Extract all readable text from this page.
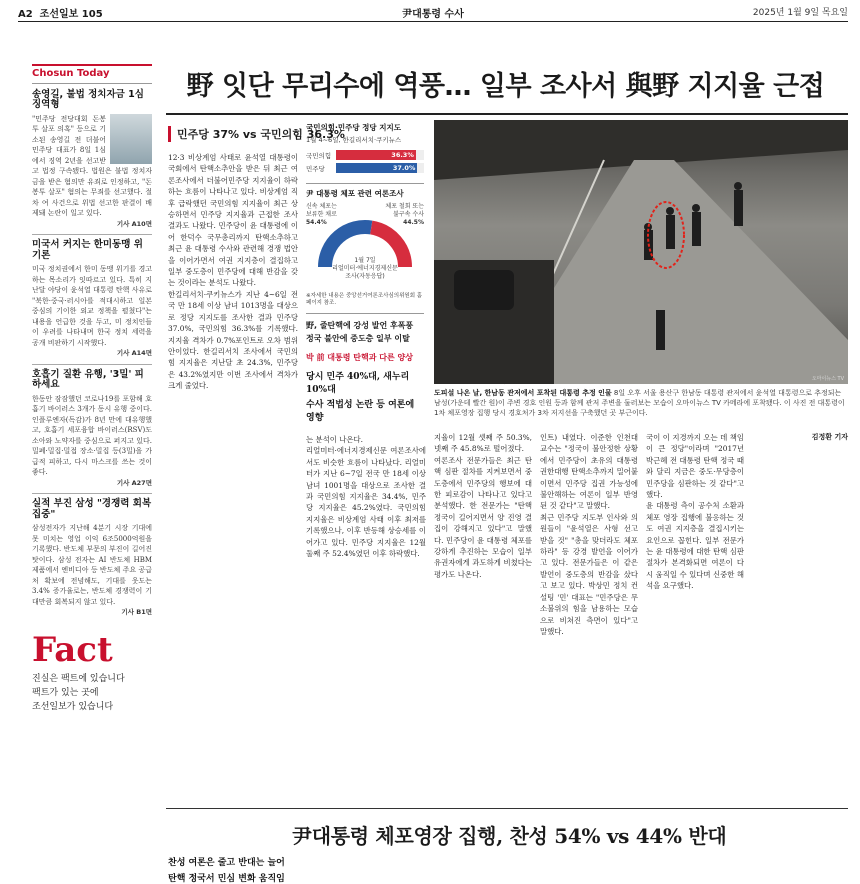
A2 조선일보 105	尹대통령 수사	2025년 1월 9일 목요일
Chosun Today
송영길, 불법 정치자금 1심 징역형

"민주당 전당대회 돈봉투 살포 의혹" 등으로 기소된 송영길 전 더불어민주당 대표가 8일 1심에서 징역 2년을 선고받고 법정 구속됐다. 법원은 불법 정치자금을 받은 혐의만 유죄로 인정하고, "돈봉투 살포" 혐의는 무죄를 선고했다. 절차 여 사건으로 위법 선고한 판결이 배제돼 논란이 일고 있다.

기사 A10면
미국서 커지는 한미동맹 위기론

미국 정치권에서 한미 동맹 위기를 경고하는 목소리가 잇따르고 있다. 특히 지난달 야당이 윤석열 대통령 탄핵 사유로 "북한·중국·러시아를 적대시하고 일본 중심의 기이한 외교 정책을 펼쳤다"는 내용을 언급한 것을 두고, 미 정치인들이 우려를 나타내며 한국 정치 세력을 공개 비판하기 시작했다.

기사 A14면
호흡기 질환 유행, '3밀' 피하세요

한동안 잠잠했던 코로나19를 포함해 호흡기 바이러스 3개가 동시 유행 중이다. 인플루엔자(독감)가 8년 만에 대유행했고, 호흡기 세포융합 바이러스(RSV)도 소아와 노약자를 중심으로 퍼지고 있다. 밀폐·밀집·밀접 장소·밀집 등(3밀)을 가급적 피하고, 다시 마스크를 쓰는 것이 좋다.

기사 A27면
실적 부진 삼성 "경쟁력 회복 집중"

삼성전자가 지난해 4분기 시장 기대에 못 미치는 영업 이익 6조5000억원을 기록했다. 반도체 부문의 부진이 길어진 탓이다. 삼성 전자는 AI 반도체 HBM 제품에서 엔비디아 등 반도체 주요 공급처 확보에 전념해도, 기대를 웃도는 3.4% 증가율로는, 반도체 경쟁력이 기대만큼 회복되지 않고 있다.

기사 B1면
Fact
진실은 팩트에 있습니다
팩트가 있는 곳에
조선일보가 있습니다
野 잇단 무리수에 역풍… 일부 조사서 與野 지지율 근접
민주당 37% vs 국민의힘 36.3%
12·3 비상계엄 사태로 윤석열 대통령이 국회에서 탄핵소추안을 받은 뒤 최근 여론조사에서 더불어민주당 지지율이 하락하는 흐름이 나타나고 있다. 비상계엄 직후 급락했던 국민의힘 지지율이 최근 상승하면서 민주당 지지율과 근접한 조사 결과도 나왔다. 민주당이 윤 대통령에 이어 한덕수 국무총리까지 탄핵소추하고 최근 윤 대통령 수사와 관련해 경쟁 법안을 이어가면서 여권 지지층이 결집하고 일부 중도층이 민주당에 대해 반감을 갖는 것이라는 분석도 나왔다.
한길리서치·쿠키뉴스가 지난 4~6일 전국 만 18세 이상 남녀 1013명을 대상으로 정당 지지도를 조사한 결과 민주당 37.0%, 국민의힘 36.3%를 기록했다. 지지율 격차가 0.7%포인트로 오차 범위 안이었다. 한길리서치 조사에서 국민의힘 지지율은 지난달 초 24.3%, 민주당은 43.2%였지만 이번 조사에서 격차가 크게 줄었다.
국민의힘·민주당 정당 지지도
1월 4~6일, 한길리서치·쿠키뉴스
국민의힘	36.3%
민주당	37.0%
尹 대통령 체포 관련 여론조사
신속 체포는
보류한 채로
54.4%
체포 철회 또는
불구속 수사
44.5%
1월 7일
리얼미터·에너지경제신문
조사(자동응답)
※자세한 내용은 중앙선거여론조사심의위원회 홈페이지 참조.
野, 줄탄핵에 강성 발언 후폭풍
정국 불안에 중도층 일부 이탈
박 前 대통령 탄핵과 다른 양상
당시 민주 40%대, 새누리 10%대
수사 적법성 논란 등 여론에 영향
는 분석이 나온다.
리얼미터·에너지경제신문 여론조사에서도 비슷한 흐름이 나타났다. 리얼미터가 지난 6~7일 전국 만 18세 이상 남녀 1001명을 대상으로 조사한 결과 국민의힘 지지율은 34.4%, 민주당 지지율은 45.2%였다. 국민의힘 지지율은 비상계엄 사태 이후 최저를 기록했으나, 이후 반등해 상승세를 이어가고 있다. 민주당 지지율은 12월 둘째 주 52.4%였던 이후 하락했다.
오마이뉴스 TV
도피설 나온 날, 한남동 관저에서 포착된 대통령 추정 인물 8일 오후 서울 용산구 한남동 대통령 관저에서 윤석열 대통령으로 추정되는 남성(가운데 빨간 원)이 주변 경호 인원 등과 함께 관저 주변을 둘러보는 모습이 오마이뉴스 TV 카메라에 포착됐다. 이 사진 전 대통령이 1차 체포영장 집행 당시 경호처가 3차 저지선을 구축했던 곳 부근이다.
지율이 12월 셋째 주 50.3%, 넷째 주 45.8%로 떨어졌다.
여론조사 전문가들은 최근 탄핵 심판 절차를 지켜보면서 중도층에서 민주당의 행보에 대한 피로감이 나타나고 있다고 분석했다. 한 전문가는 "탄핵 정국이 길어지면서 양 진영 결집이 강해지고 있다"고 말했다. 민주당이 윤 대통령 체포를 강하게 추진하는 모습이 일부 유권자에게 과도하게 비쳤다는 평가도 나온다.
인트) 내였다. 이준한 인천대 교수는 "정국이 불안정한 상황에서 민주당이 초유의 대통령 권한대행 탄핵소추까지 밀어붙이면서 민주당 집권 가능성에 불안해하는 여론이 일부 반영된 것 같다"고 말했다.
최근 민주당 지도부 인사와 의원들이 "윤석열은 사형 선고 받을 것" "총을 맞더라도 체포하라" 등 강경 발언을 이어가고 있다. 전문가들은 이 같은 발언이 중도층의 반감을 샀다고 보고 있다. 박상민 정치 컨설팅 '민' 대표는 "민주당은 무소불위의 힘을 남용하는 모습으로 비쳐진 측면이 있다"고 말했다.
국이 이 지경까지 오는 데 책임이 큰 정당"이라며 "2017년 박근혜 전 대통령 탄핵 정국 때와 달리 지금은 중도·무당층이 민주당을 심판하는 것 같다"고 했다.
윤 대통령 측이 공수처 소환과 체포 영장 집행에 불응하는 것도 여권 지지층을 결집시키는 요인으로 꼽힌다. 일부 전문가는 윤 대통령에 대한 탄핵 심판 절차가 본격화되면 여론이 다시 움직일 수 있다며 신중한 해석을 요구했다.
김정환 기자
尹대통령 체포영장 집행, 찬성 54% vs 44% 반대
찬성 여론은 줄고 반대는 늘어
탄핵 정국서 민심 변화 움직임
